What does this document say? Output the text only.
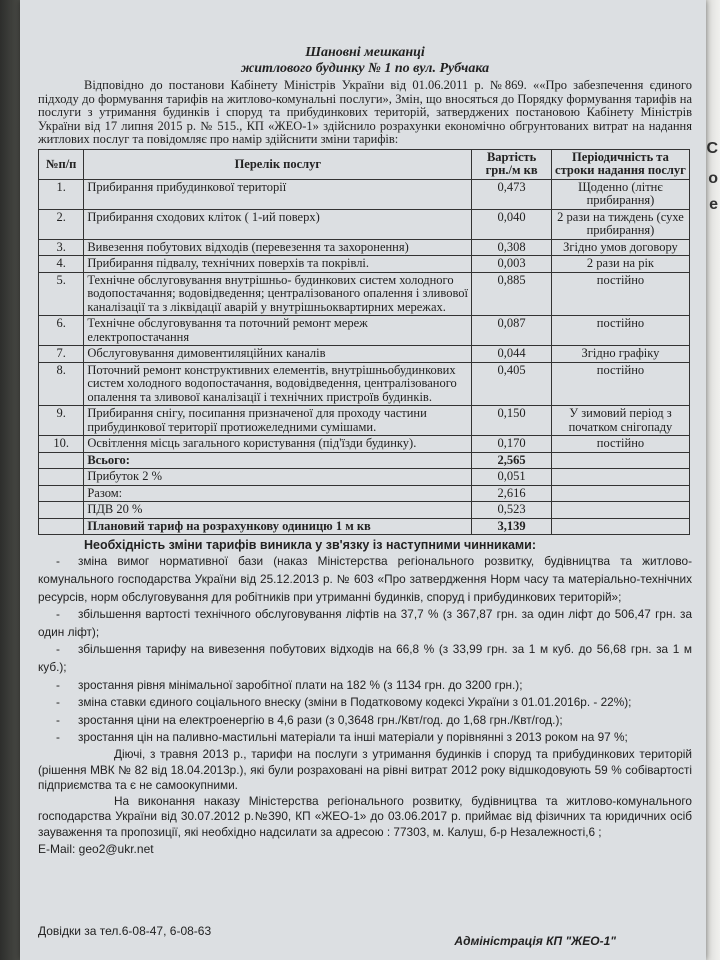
С
о
е
Шановні мешканці
житлового будинку № 1 по вул. Рубчака
Відповідно до постанови Кабінету Міністрів України від 01.06.2011 р. №869. ««Про забезпечення єдиного підходу до формування тарифів на житлово-комунальні послуги», Змін, що вносяться до Порядку формування тарифів на послуги з утримання будинків і споруд та прибудинкових територій, затверджених постановою Кабінету Міністрів України від 17 липня 2015 р. № 515., КП «ЖЕО-1» здійснило розрахунки економічно обгрунтованих витрат на надання житлових послуг та повідомляє про намір здійснити зміни тарифів:
№п/п	Перелік послуг	Вартість грн./м кв	Періодичність та строки надання послуг
1.	Прибирання прибудинкової території	0,473	Щоденно (літнє прибирання)
2.	Прибирання сходових кліток ( 1-ий поверх)	0,040	2 рази на тиждень (сухе прибирання)
3.	Вивезення побутових відходів (перевезення та захоронення)	0,308	Згідно умов договору
4.	Прибирання підвалу, технічних поверхів та покрівлі.	0,003	2 рази на рік
5.	Технічне обслуговування внутрішньо- будинкових систем холодного водопостачання; водовідведення; централізованого опалення і зливової каналізації та з ліквідації аварій у внутрішньоквартирних мережах.	0,885	постійно
6.	Технічне обслуговування та поточний ремонт мереж електропостачання	0,087	постійно
7.	Обслуговування димовентиляційних каналів	0,044	Згідно графіку
8.	Поточний ремонт конструктивних елементів, внутрішньобудинкових систем холодного водопостачання, водовідведення, централізованого опалення та зливової каналізації і технічних пристроїв будинків.	0,405	постійно
9.	Прибирання снігу, посипання призначеної для проходу частини прибудинкової території протиожеледними сумішами.	0,150	У зимовий період з початком снігопаду
10.	Освітлення місць загального користування (під'їзди будинку).	0,170	постійно
	Всього:	2,565	
	Прибуток 2 %	0,051	
	Разом:	2,616	
	ПДВ 20 %	0,523	
	Плановий тариф на розрахункову одиницю 1 м кв	3,139	
Необхідність зміни тарифів виникла у зв'язку із наступними чинниками:
- зміна вимог нормативної бази (наказ Міністерства регіонального розвитку, будівництва та житлово-комунального господарства України від 25.12.2013 р. № 603 «Про затвердження Норм часу та матеріально-технічних ресурсів, норм обслуговування для робітників при утриманні будинків, споруд і прибудинкових територій»;
- збільшення вартості технічного обслуговування ліфтів на 37,7 % (з 367,87 грн. за один ліфт до 506,47 грн. за один ліфт);
- збільшення тарифу на вивезення побутових відходів на 66,8 % (з 33,99 грн. за 1 м куб. до 56,68 грн. за 1 м куб.);
- зростання рівня мінімальної заробітної плати на 182 % (з 1134 грн. до 3200 грн.);
- зміна ставки єдиного соціального внеску (зміни в Податковому кодексі України з 01.01.2016р. - 22%);
- зростання ціни на електроенергію в 4,6 рази (з 0,3648 грн./Квт/год. до 1,68 грн./Квт/год.);
- зростання цін на паливно-мастильні матеріали та інші матеріали у порівнянні з 2013 роком на 97 %;
Діючі, з травня 2013 р., тарифи на послуги з утримання будинків і споруд та прибудинкових територій (рішення МВК № 82 від 18.04.2013р.), які були розраховані на рівні витрат 2012 року відшкодовують 59 % собівартості підприємства та є не самоокупними.
На виконання наказу Міністерства регіонального розвитку, будівництва та житлово-комунального господарства України від 30.07.2012 р.№390, КП «ЖЕО-1» до 03.06.2017 р. приймає від фізичних та юридичних осіб зауваження та пропозиції, які необхідно надсилати за адресою : 77303, м. Калуш, б-р Незалежності,6 ;
E-Mail: geo2@ukr.net
Довідки за тел.6-08-47, 6-08-63
Адміністрація КП "ЖЕО-1"
